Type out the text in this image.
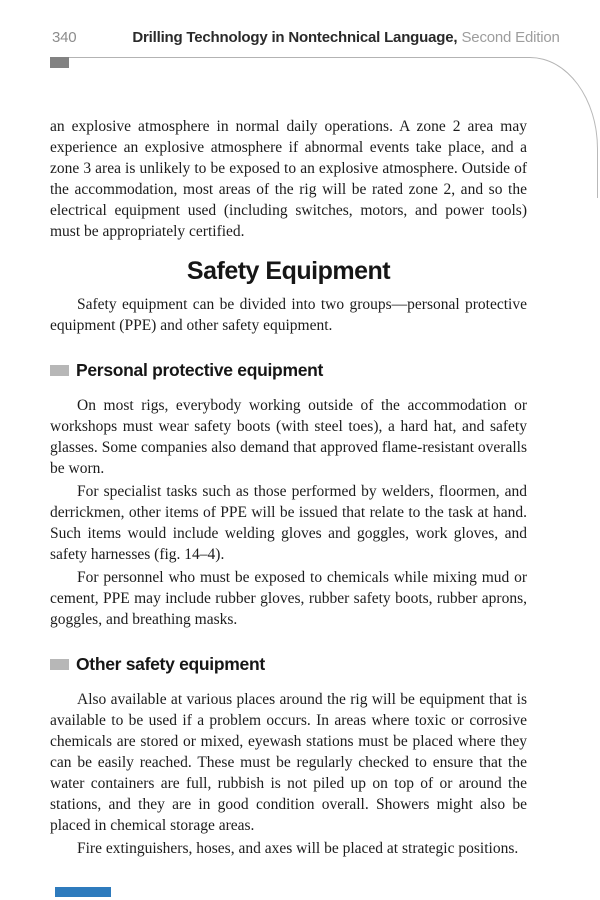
340	Drilling Technology in Nontechnical Language, Second Edition

an explosive atmosphere in normal daily operations. A zone 2 area may experience an explosive atmosphere if abnormal events take place, and a zone 3 area is unlikely to be exposed to an explosive atmosphere. Outside of the accommodation, most areas of the rig will be rated zone 2, and so the electrical equipment used (including switches, motors, and power tools) must be appropriately certified.

Safety Equipment

Safety equipment can be divided into two groups—personal protective equipment (PPE) and other safety equipment.

Personal protective equipment

On most rigs, everybody working outside of the accommodation or workshops must wear safety boots (with steel toes), a hard hat, and safety glasses. Some companies also demand that approved flame-resistant overalls be worn.

For specialist tasks such as those performed by welders, floormen, and derrickmen, other items of PPE will be issued that relate to the task at hand. Such items would include welding gloves and goggles, work gloves, and safety harnesses (fig. 14–4).

For personnel who must be exposed to chemicals while mixing mud or cement, PPE may include rubber gloves, rubber safety boots, rubber aprons, goggles, and breathing masks.

Other safety equipment

Also available at various places around the rig will be equipment that is available to be used if a problem occurs. In areas where toxic or corrosive chemicals are stored or mixed, eyewash stations must be placed where they can be easily reached. These must be regularly checked to ensure that the water containers are full, rubbish is not piled up on top of or around the stations, and they are in good condition overall. Showers might also be placed in chemical storage areas.

Fire extinguishers, hoses, and axes will be placed at strategic positions.
